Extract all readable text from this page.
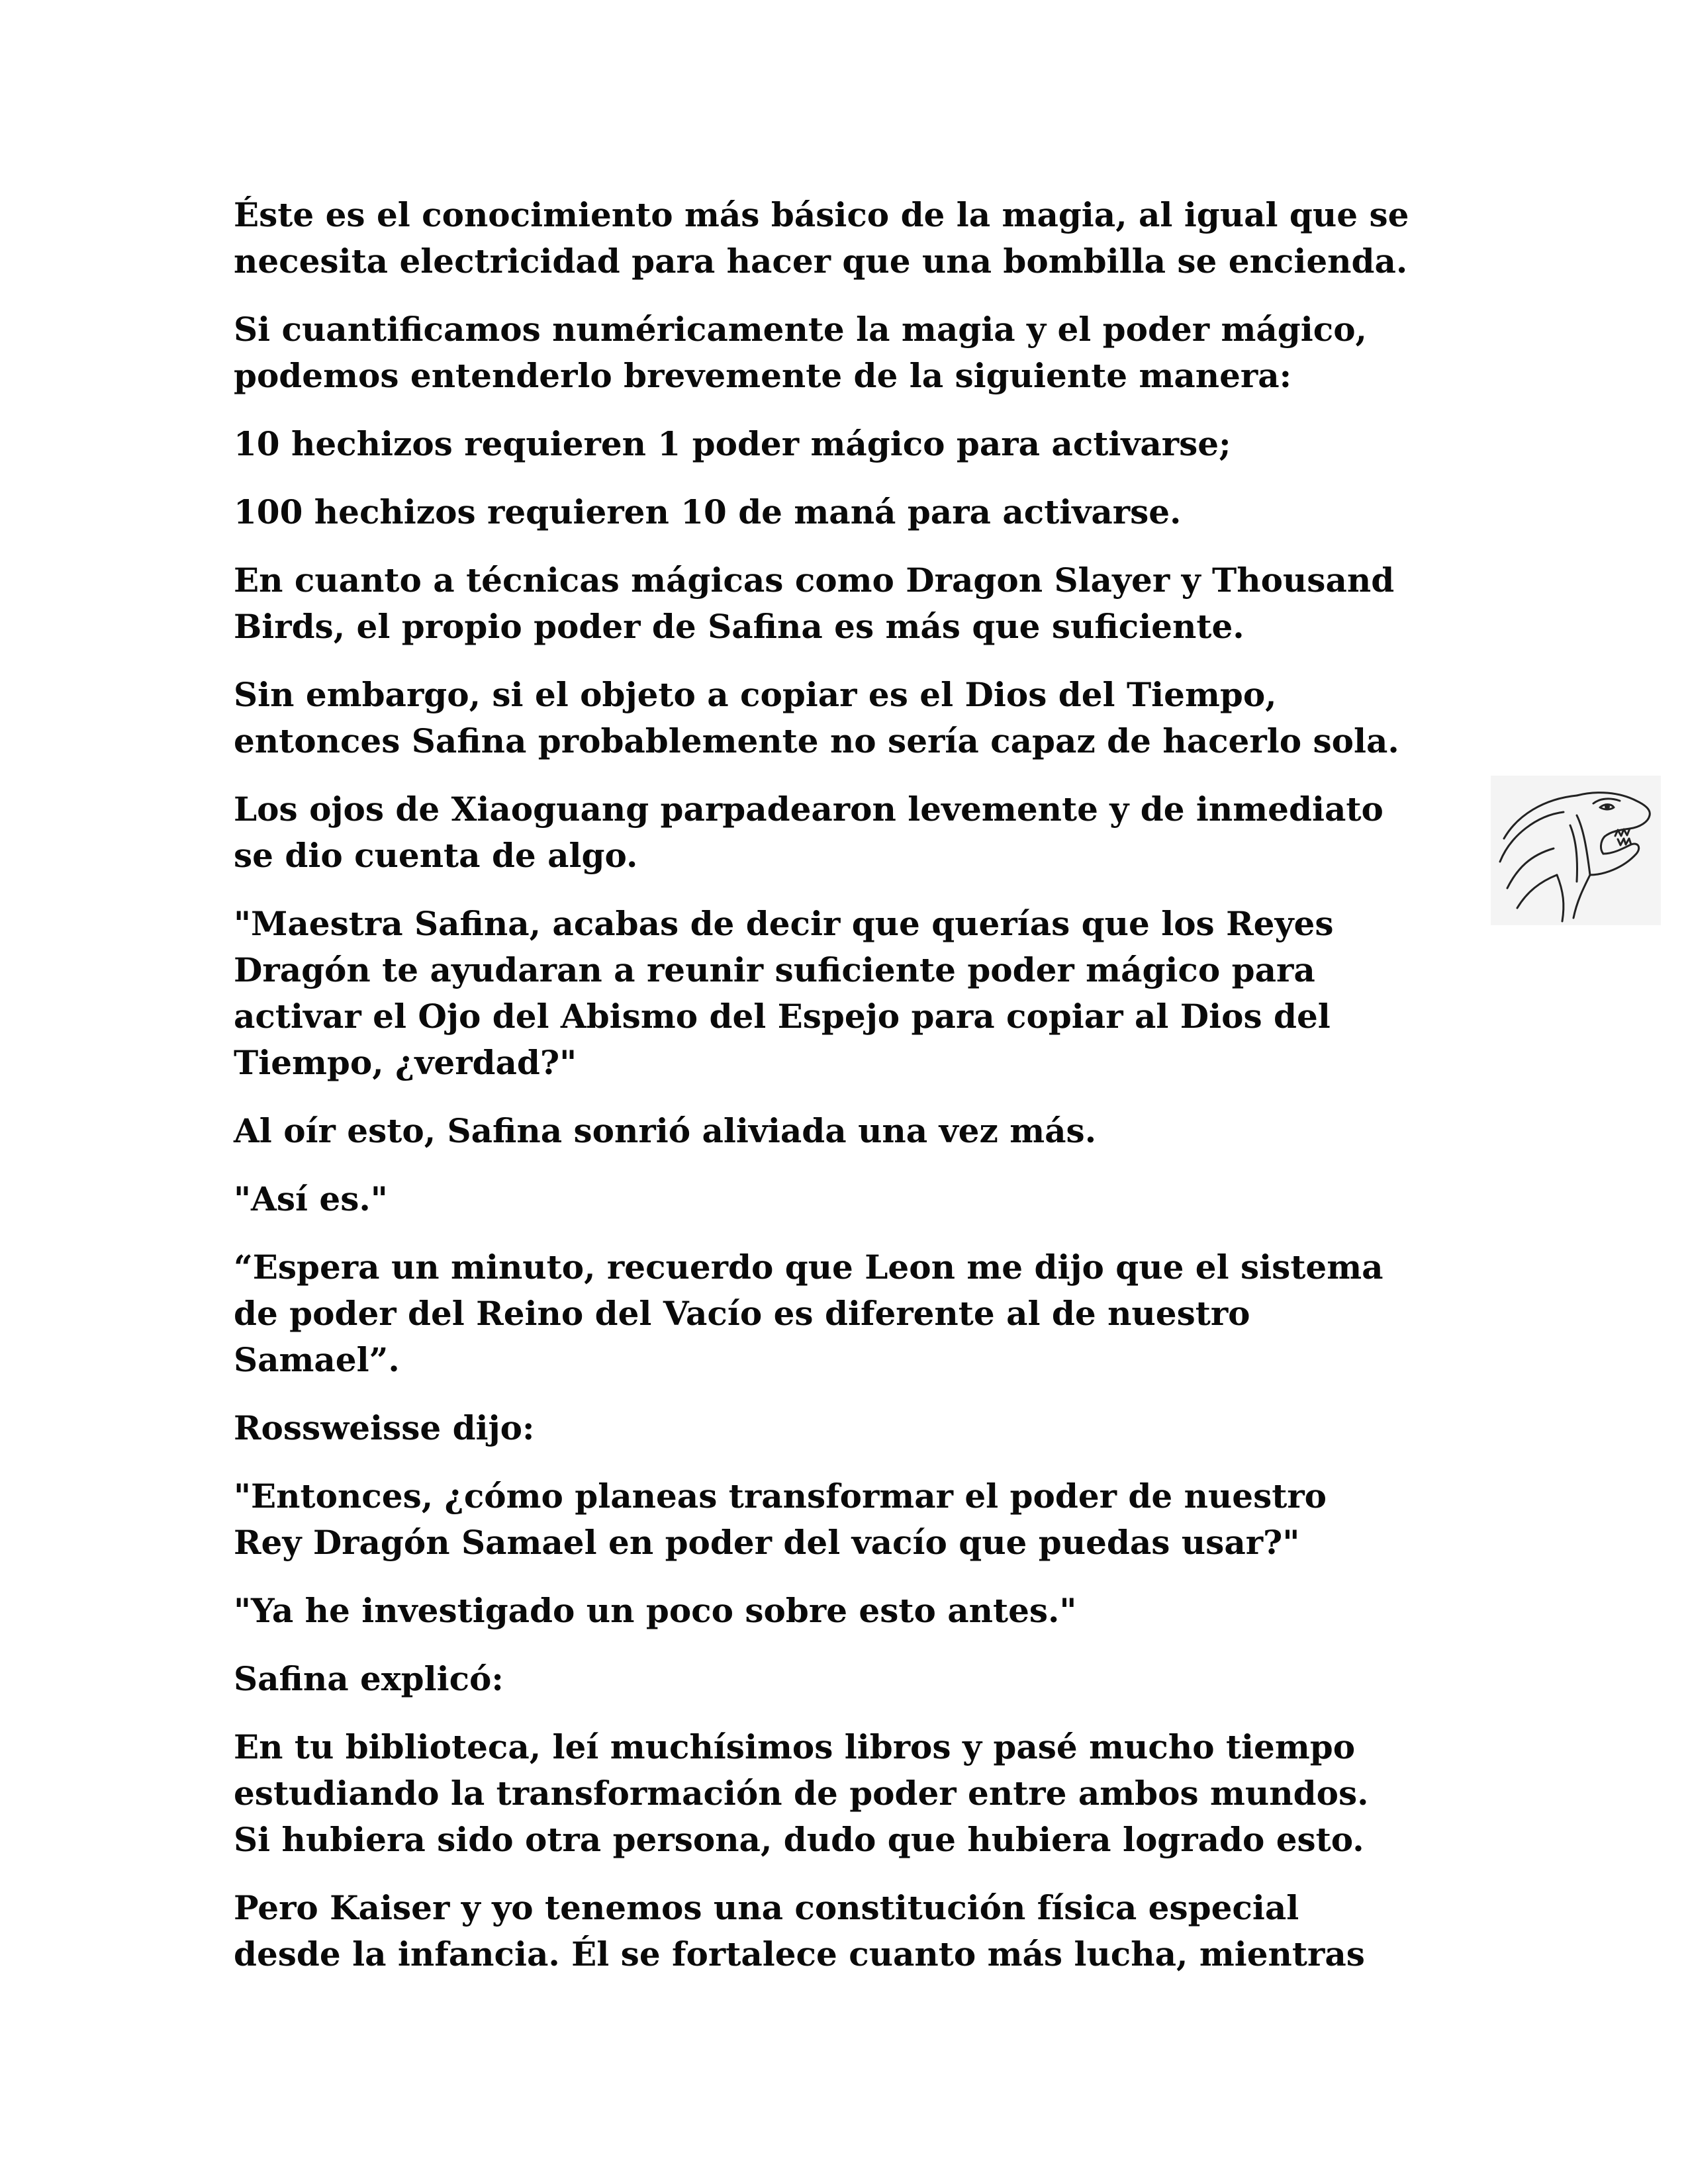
Éste es el conocimiento más básico de la magia, al igual que se
necesita electricidad para hacer que una bombilla se encienda.

Si cuantificamos numéricamente la magia y el poder mágico,
podemos entenderlo brevemente de la siguiente manera:

10 hechizos requieren 1 poder mágico para activarse;

100 hechizos requieren 10 de maná para activarse.

En cuanto a técnicas mágicas como Dragon Slayer y Thousand
Birds, el propio poder de Safina es más que suficiente.

Sin embargo, si el objeto a copiar es el Dios del Tiempo,
entonces Safina probablemente no sería capaz de hacerlo sola.

Los ojos de Xiaoguang parpadearon levemente y de inmediato
se dio cuenta de algo.

"Maestra Safina, acabas de decir que querías que los Reyes
Dragón te ayudaran a reunir suficiente poder mágico para
activar el Ojo del Abismo del Espejo para copiar al Dios del
Tiempo, ¿verdad?"

Al oír esto, Safina sonrió aliviada una vez más.

"Así es."

“Espera un minuto, recuerdo que Leon me dijo que el sistema
de poder del Reino del Vacío es diferente al de nuestro
Samael”.

Rossweisse dijo:

"Entonces, ¿cómo planeas transformar el poder de nuestro
Rey Dragón Samael en poder del vacío que puedas usar?"

"Ya he investigado un poco sobre esto antes."

Safina explicó:

En tu biblioteca, leí muchísimos libros y pasé mucho tiempo
estudiando la transformación de poder entre ambos mundos.
Si hubiera sido otra persona, dudo que hubiera logrado esto.

Pero Kaiser y yo tenemos una constitución física especial
desde la infancia. Él se fortalece cuanto más lucha, mientras
